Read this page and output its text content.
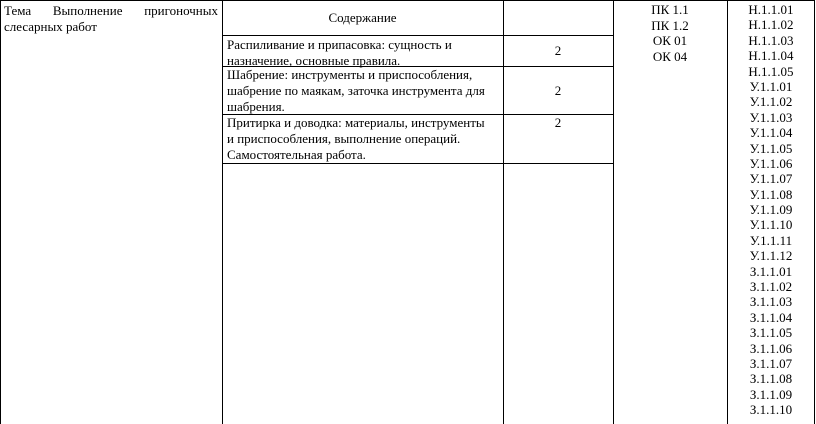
Тема Выполнение пригоночных
слесарных работ
Содержание
Распиливание и припасовка: сущность и
назначение, основные правила.
2
Шабрение: инструменты и приспособления,
шабрение по маякам, заточка инструмента для
шабрения.
2
Притирка и доводка: материалы, инструменты
и приспособления, выполнение операций.
Самостоятельная работа.
2
ПК 1.1
ПК 1.2
ОК 01
ОК 04
Н.1.1.01
Н.1.1.02
Н.1.1.03
Н.1.1.04
Н.1.1.05
У.1.1.01
У.1.1.02
У.1.1.03
У.1.1.04
У.1.1.05
У.1.1.06
У.1.1.07
У.1.1.08
У.1.1.09
У.1.1.10
У.1.1.11
У.1.1.12
З.1.1.01
З.1.1.02
З.1.1.03
З.1.1.04
З.1.1.05
З.1.1.06
З.1.1.07
З.1.1.08
З.1.1.09
З.1.1.10
